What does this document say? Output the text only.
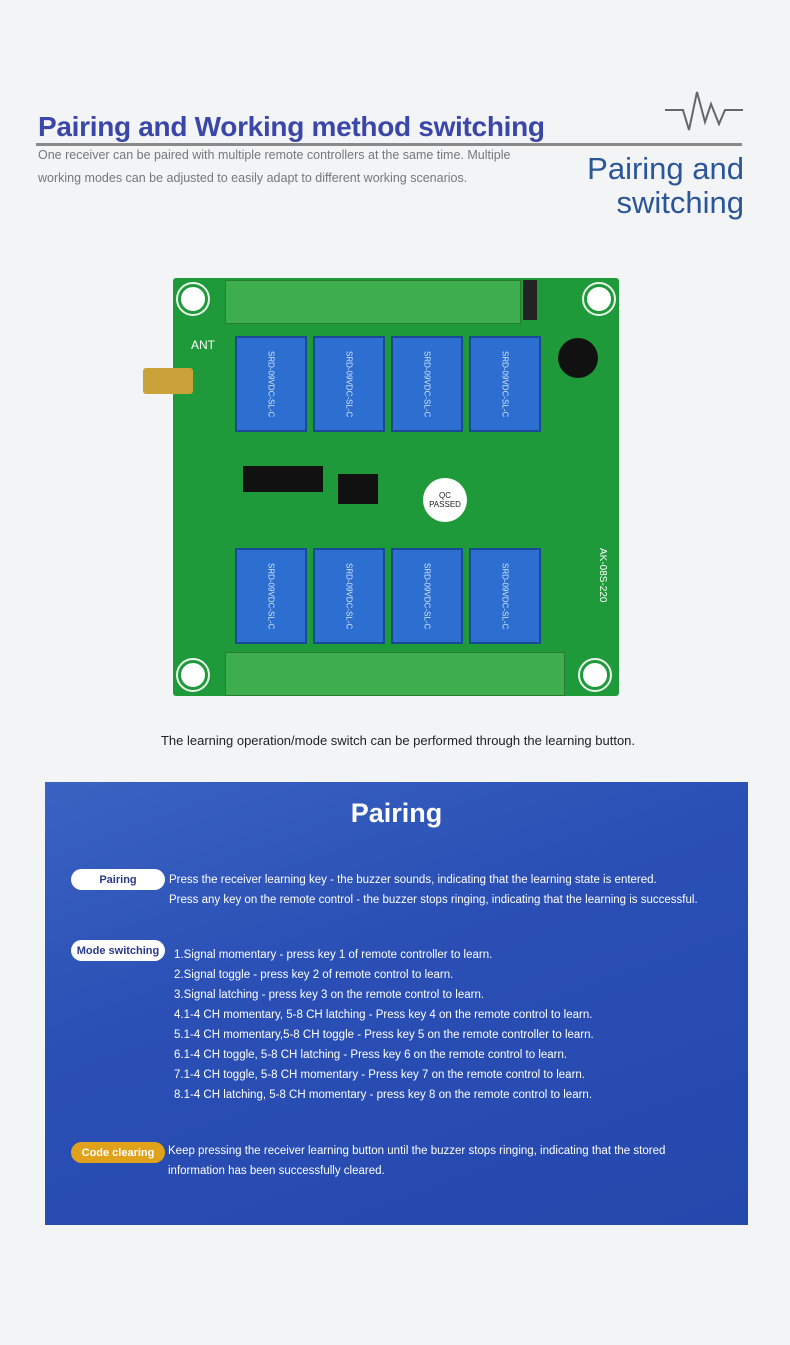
Pairing and Working method switching
One receiver can be paired with multiple remote controllers at the same time. Multiple
working modes can be adjusted to easily adapt to different working scenarios.	Pairing and
switching
ANT
SRD-09VDC-SL-C	SRD-09VDC-SL-C	SRD-09VDC-SL-C	SRD-09VDC-SL-C
SRD-09VDC-SL-C	SRD-09VDC-SL-C	SRD-09VDC-SL-C	SRD-09VDC-SL-C
QC PASSED
AK-08S-220
The learning operation/mode switch can be performed through the learning button.
Pairing
Pairing	Press the receiver learning key - the buzzer sounds, indicating that the learning state is entered.
Press any key on the remote control - the buzzer stops ringing, indicating that the learning is successful.
Mode switching	1.Signal momentary - press key 1 of remote controller to learn.
2.Signal toggle - press key 2 of remote control to learn.
3.Signal latching - press key 3 on the remote control to learn.
4.1-4 CH momentary, 5-8 CH latching - Press key 4 on the remote control to learn.
5.1-4 CH momentary,5-8 CH toggle - Press key 5 on the remote controller to learn.
6.1-4 CH toggle, 5-8 CH latching - Press key 6 on the remote control to learn.
7.1-4 CH toggle, 5-8 CH momentary - Press key 7 on the remote control to learn.
8.1-4 CH latching, 5-8 CH momentary - press key 8 on the remote control to learn.
Code clearing	Keep pressing the receiver learning button until the buzzer stops ringing, indicating that the stored
information has been successfully cleared.
